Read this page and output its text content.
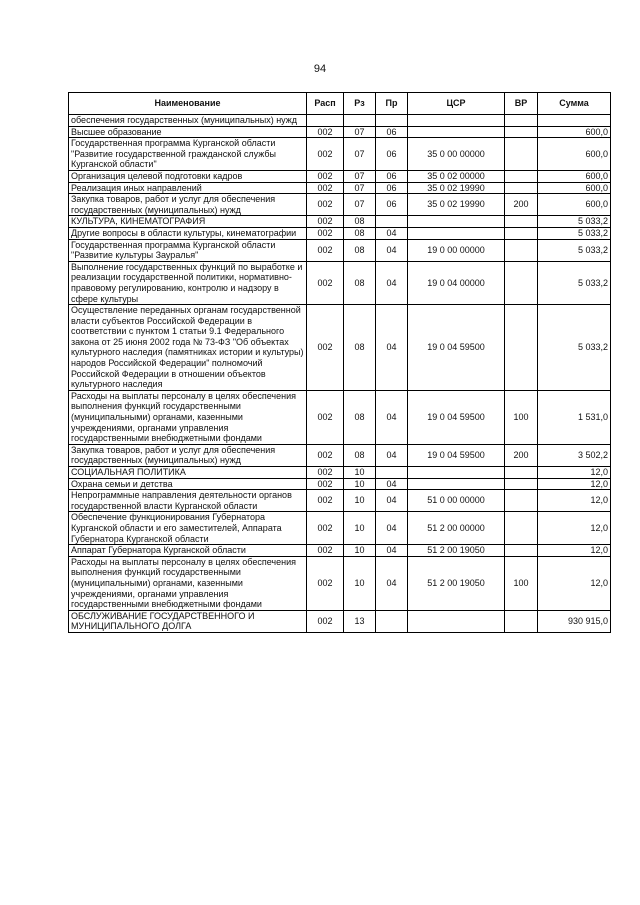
94
Наименование	Расп	Рз	Пр	ЦСР	ВР	Сумма
обеспечения государственных (муниципальных) нужд						
Высшее образование	002	07	06			600,0
Государственная программа Курганской области "Развитие государственной гражданской службы Курганской области"	002	07	06	35 0 00 00000		600,0
Организация целевой подготовки кадров	002	07	06	35 0 02 00000		600,0
Реализация иных направлений	002	07	06	35 0 02 19990		600,0
Закупка товаров, работ и услуг для обеспечения государственных (муниципальных) нужд	002	07	06	35 0 02 19990	200	600,0
КУЛЬТУРА, КИНЕМАТОГРАФИЯ	002	08				5 033,2
Другие вопросы в области культуры, кинематографии	002	08	04			5 033,2
Государственная программа Курганской области "Развитие культуры Зауралья"	002	08	04	19 0 00 00000		5 033,2
Выполнение государственных функций по выработке и реализации государственной политики, нормативно-правовому регулированию, контролю и надзору в сфере культуры	002	08	04	19 0 04 00000		5 033,2
Осуществление переданных органам государственной власти субъектов Российской Федерации в соответствии с пунктом 1 статьи 9.1 Федерального закона от 25 июня 2002 года № 73-ФЗ "Об объектах культурного наследия (памятниках истории и культуры) народов Российской Федерации" полномочий Российской Федерации в отношении объектов культурного наследия	002	08	04	19 0 04 59500		5 033,2
Расходы на выплаты персоналу в целях обеспечения выполнения функций государственными (муниципальными) органами, казенными учреждениями, органами управления государственными внебюджетными фондами	002	08	04	19 0 04 59500	100	1 531,0
Закупка товаров, работ и услуг для обеспечения государственных (муниципальных) нужд	002	08	04	19 0 04 59500	200	3 502,2
СОЦИАЛЬНАЯ ПОЛИТИКА	002	10				12,0
Охрана семьи и детства	002	10	04			12,0
Непрограммные направления деятельности органов государственной власти Курганской области	002	10	04	51 0 00 00000		12,0
Обеспечение функционирования Губернатора Курганской области и его заместителей, Аппарата Губернатора Курганской области	002	10	04	51 2 00 00000		12,0
Аппарат Губернатора Курганской области	002	10	04	51 2 00 19050		12,0
Расходы на выплаты персоналу в целях обеспечения выполнения функций государственными (муниципальными) органами, казенными учреждениями, органами управления государственными внебюджетными фондами	002	10	04	51 2 00 19050	100	12,0
ОБСЛУЖИВАНИЕ ГОСУДАРСТВЕННОГО И МУНИЦИПАЛЬНОГО ДОЛГА	002	13				930 915,0
